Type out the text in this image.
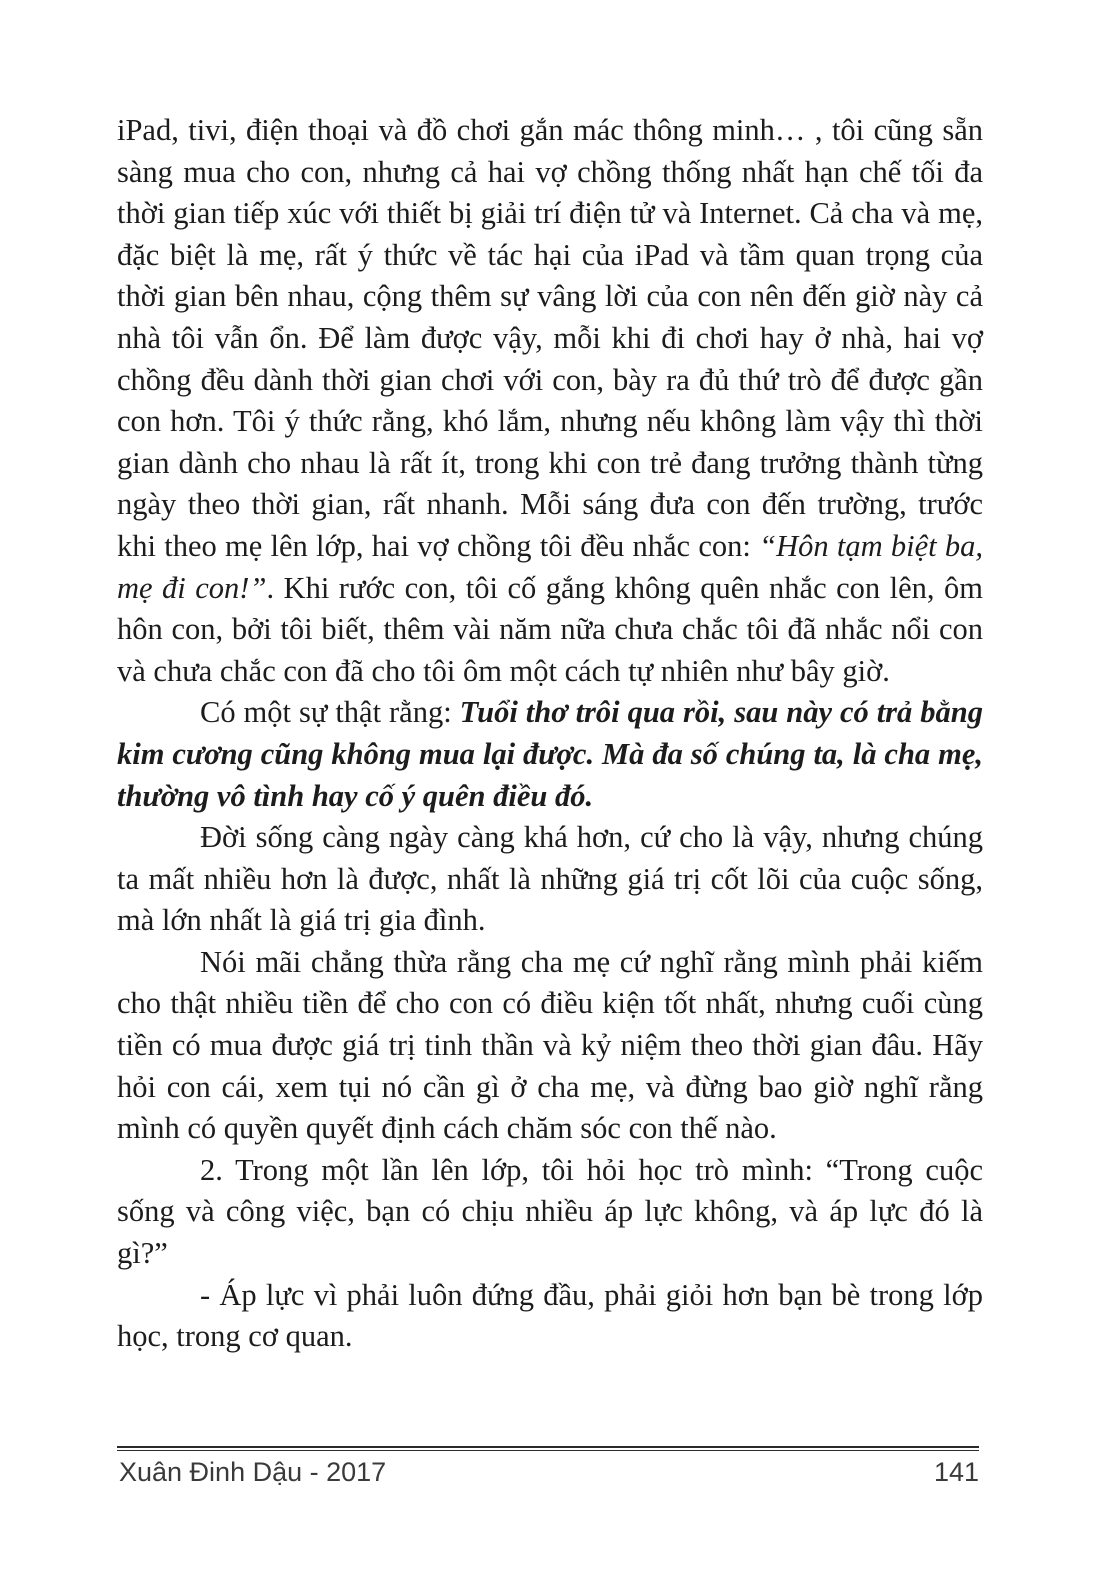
iPad, tivi, điện thoại và đồ chơi gắn mác thông minh… , tôi cũng sẵn sàng mua cho con, nhưng cả hai vợ chồng thống nhất hạn chế tối đa thời gian tiếp xúc với thiết bị giải trí điện tử và Internet. Cả cha và mẹ, đặc biệt là mẹ, rất ý thức về tác hại của iPad và tầm quan trọng của thời gian bên nhau, cộng thêm sự vâng lời của con nên đến giờ này cả nhà tôi vẫn ổn. Để làm được vậy, mỗi khi đi chơi hay ở nhà, hai vợ chồng đều dành thời gian chơi với con, bày ra đủ thứ trò để được gần con hơn. Tôi ý thức rằng, khó lắm, nhưng nếu không làm vậy thì thời gian dành cho nhau là rất ít, trong khi con trẻ đang trưởng thành từng ngày theo thời gian, rất nhanh. Mỗi sáng đưa con đến trường, trước khi theo mẹ lên lớp, hai vợ chồng tôi đều nhắc con: “Hôn tạm biệt ba, mẹ đi con!”. Khi rước con, tôi cố gắng không quên nhắc con lên, ôm hôn con, bởi tôi biết, thêm vài năm nữa chưa chắc tôi đã nhắc nổi con và chưa chắc con đã cho tôi ôm một cách tự nhiên như bây giờ.

Có một sự thật rằng: Tuổi thơ trôi qua rồi, sau này có trả bằng kim cương cũng không mua lại được. Mà đa số chúng ta, là cha mẹ, thường vô tình hay cố ý quên điều đó.

Đời sống càng ngày càng khá hơn, cứ cho là vậy, nhưng chúng ta mất nhiều hơn là được, nhất là những giá trị cốt lõi của cuộc sống, mà lớn nhất là giá trị gia đình.

Nói mãi chẳng thừa rằng cha mẹ cứ nghĩ rằng mình phải kiếm cho thật nhiều tiền để cho con có điều kiện tốt nhất, nhưng cuối cùng tiền có mua được giá trị tinh thần và kỷ niệm theo thời gian đâu. Hãy hỏi con cái, xem tụi nó cần gì ở cha mẹ, và đừng bao giờ nghĩ rằng mình có quyền quyết định cách chăm sóc con thế nào.

2. Trong một lần lên lớp, tôi hỏi học trò mình: “Trong cuộc sống và công việc, bạn có chịu nhiều áp lực không, và áp lực đó là gì?”

- Áp lực vì phải luôn đứng đầu, phải giỏi hơn bạn bè trong lớp học, trong cơ quan.

Xuân Đinh Dậu - 2017	141
